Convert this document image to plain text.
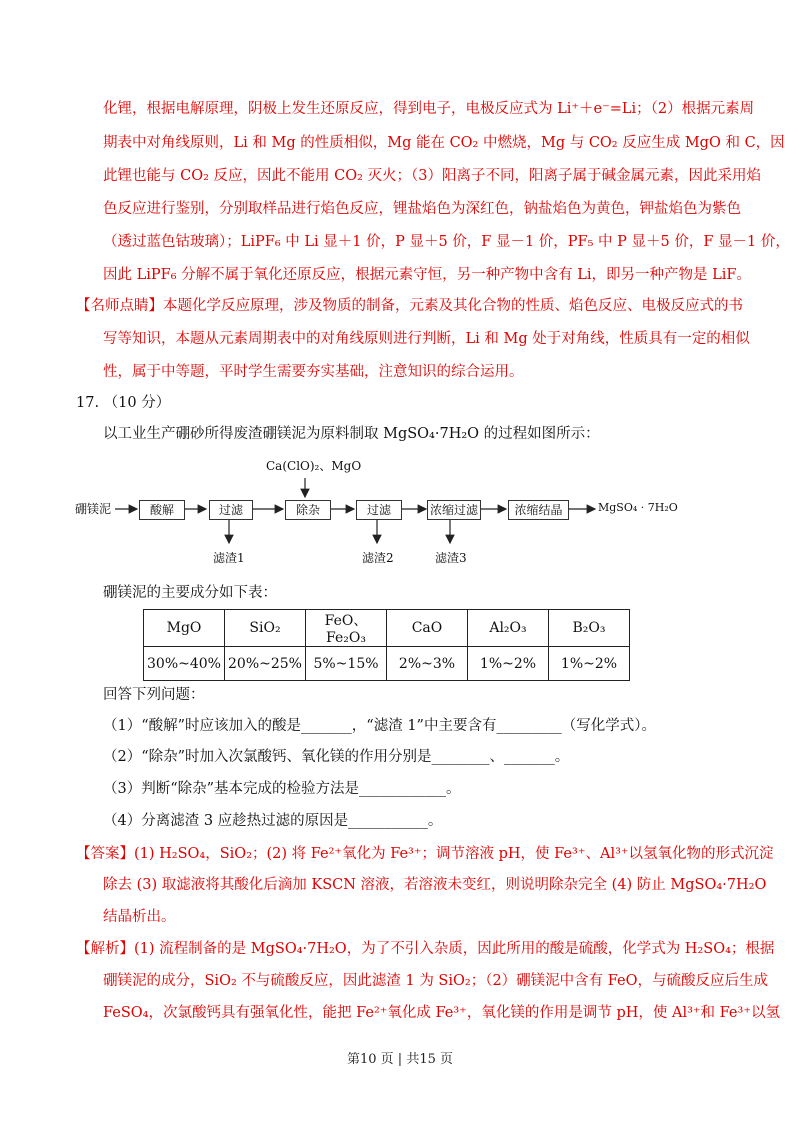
化锂，根据电解原理，阴极上发生还原反应，得到电子，电极反应式为 Li⁺＋e⁻=Li；（2）根据元素周
期表中对角线原则，Li 和 Mg 的性质相似，Mg 能在 CO₂ 中燃烧，Mg 与 CO₂ 反应生成 MgO 和 C，因
此锂也能与 CO₂ 反应，因此不能用 CO₂ 灭火；（3）阳离子不同，阳离子属于碱金属元素，因此采用焰
色反应进行鉴别，分别取样品进行焰色反应，锂盐焰色为深红色，钠盐焰色为黄色，钾盐焰色为紫色
（透过蓝色钴玻璃）；LiPF₆ 中 Li 显＋1 价，P 显＋5 价，F 显－1 价，PF₅ 中 P 显＋5 价，F 显－1 价，
因此 LiPF₆ 分解不属于氧化还原反应，根据元素守恒，另一种产物中含有 Li，即另一种产物是 LiF。
【名师点睛】本题化学反应原理，涉及物质的制备，元素及其化合物的性质、焰色反应、电极反应式的书
写等知识，本题从元素周期表中的对角线原则进行判断，Li 和 Mg 处于对角线，性质具有一定的相似
性，属于中等题，平时学生需要夯实基础，注意知识的综合运用。
17. （10 分）
以工业生产硼砂所得废渣硼镁泥为原料制取 MgSO₄·7H₂O 的过程如图所示：
硼镁泥
Ca(ClO)₂、MgO
酸解	过滤	除杂	过滤	浓缩过滤	浓缩结晶	MgSO₄ · 7H₂O
滤渣1	滤渣2	滤渣3
硼镁泥的主要成分如下表：
MgO	SiO₂	FeO、Fe₂O₃	CaO	Al₂O₃	B₂O₃
30%~40%	20%~25%	5%~15%	2%~3%	1%~2%	1%~2%
回答下列问题：
（1）“酸解”时应该加入的酸是_______，“滤渣 1”中主要含有_________（写化学式）。
（2）“除杂”时加入次氯酸钙、氧化镁的作用分别是________、_______。
（3）判断“除杂”基本完成的检验方法是____________。
（4）分离滤渣 3 应趁热过滤的原因是___________。
【答案】(1) H₂SO₄，SiO₂；(2) 将 Fe²⁺氧化为 Fe³⁺；调节溶液 pH，使 Fe³⁺、Al³⁺以氢氧化物的形式沉淀
除去 (3) 取滤液将其酸化后滴加 KSCN 溶液，若溶液未变红，则说明除杂完全 (4) 防止 MgSO₄·7H₂O
结晶析出。
【解析】(1) 流程制备的是 MgSO₄·7H₂O，为了不引入杂质，因此所用的酸是硫酸，化学式为 H₂SO₄；根据
硼镁泥的成分，SiO₂ 不与硫酸反应，因此滤渣 1 为 SiO₂；（2）硼镁泥中含有 FeO，与硫酸反应后生成
FeSO₄，次氯酸钙具有强氧化性，能把 Fe²⁺氧化成 Fe³⁺，氧化镁的作用是调节 pH，使 Al³⁺和 Fe³⁺以氢
第10 页 | 共15 页
